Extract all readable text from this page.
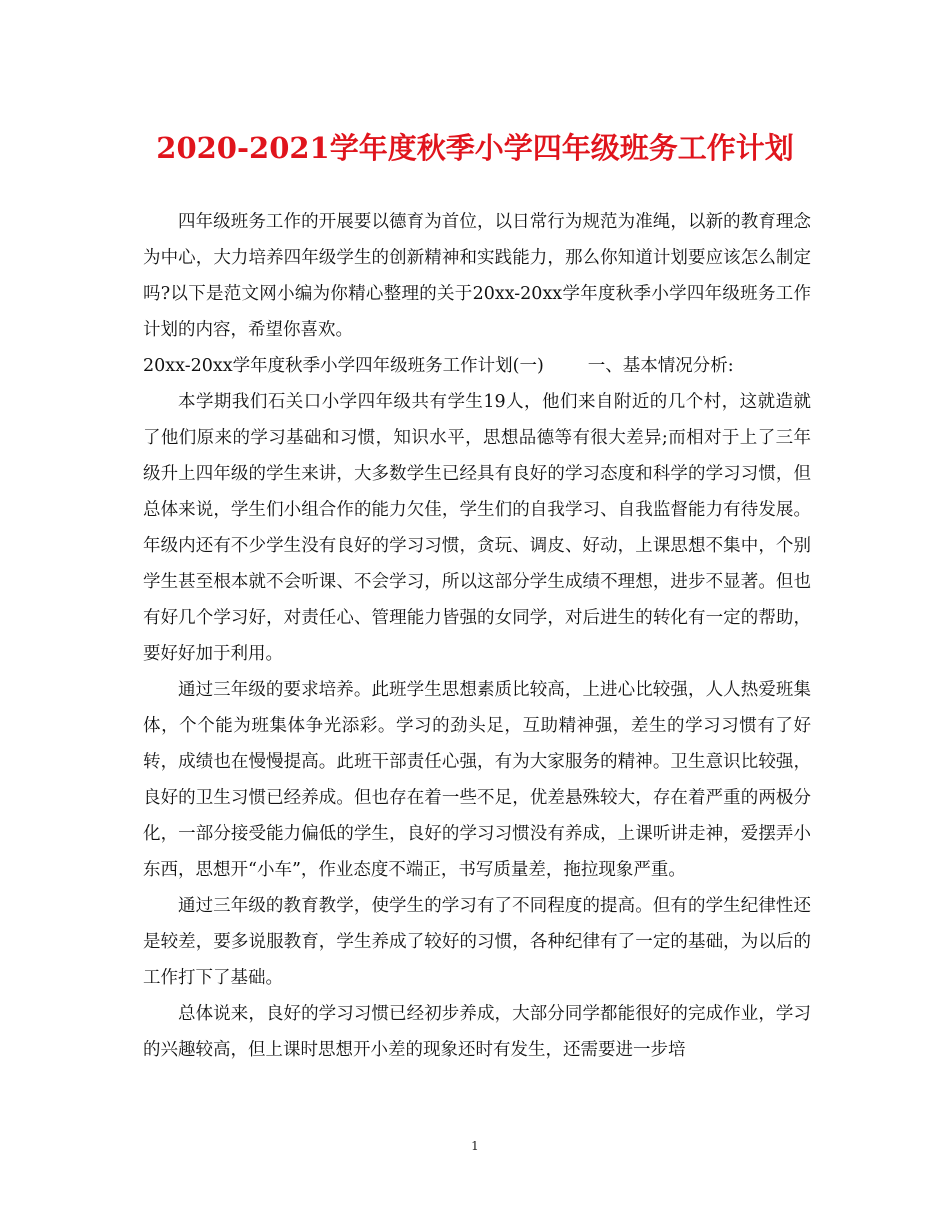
2020-2021学年度秋季小学四年级班务工作计划

四年级班务工作的开展要以德育为首位，以日常行为规范为准绳，以新的教育理念为中心，大力培养四年级学生的创新精神和实践能力，那么你知道计划要应该怎么制定吗?以下是范文网小编为你精心整理的关于20xx-20xx学年度秋季小学四年级班务工作计划的内容，希望你喜欢。

20xx-20xx学年度秋季小学四年级班务工作计划(一)	一、基本情况分析:

本学期我们石关口小学四年级共有学生19人，他们来自附近的几个村，这就造就了他们原来的学习基础和习惯，知识水平，思想品德等有很大差异;而相对于上了三年级升上四年级的学生来讲，大多数学生已经具有良好的学习态度和科学的学习习惯，但总体来说，学生们小组合作的能力欠佳，学生们的自我学习、自我监督能力有待发展。年级内还有不少学生没有良好的学习习惯，贪玩、调皮、好动，上课思想不集中，个别学生甚至根本就不会听课、不会学习，所以这部分学生成绩不理想，进步不显著。但也有好几个学习好，对责任心、管理能力皆强的女同学，对后进生的转化有一定的帮助，要好好加于利用。

通过三年级的要求培养。此班学生思想素质比较高，上进心比较强，人人热爱班集体，个个能为班集体争光添彩。学习的劲头足，互助精神强，差生的学习习惯有了好转，成绩也在慢慢提高。此班干部责任心强，有为大家服务的精神。卫生意识比较强，良好的卫生习惯已经养成。但也存在着一些不足，优差悬殊较大，存在着严重的两极分化，一部分接受能力偏低的学生，良好的学习习惯没有养成，上课听讲走神，爱摆弄小东西，思想开“小车”，作业态度不端正，书写质量差，拖拉现象严重。

通过三年级的教育教学，使学生的学习有了不同程度的提高。但有的学生纪律性还是较差，要多说服教育，学生养成了较好的习惯，各种纪律有了一定的基础，为以后的工作打下了基础。

总体说来，良好的学习习惯已经初步养成，大部分同学都能很好的完成作业，学习的兴趣较高，但上课时思想开小差的现象还时有发生，还需要进一步培

1
